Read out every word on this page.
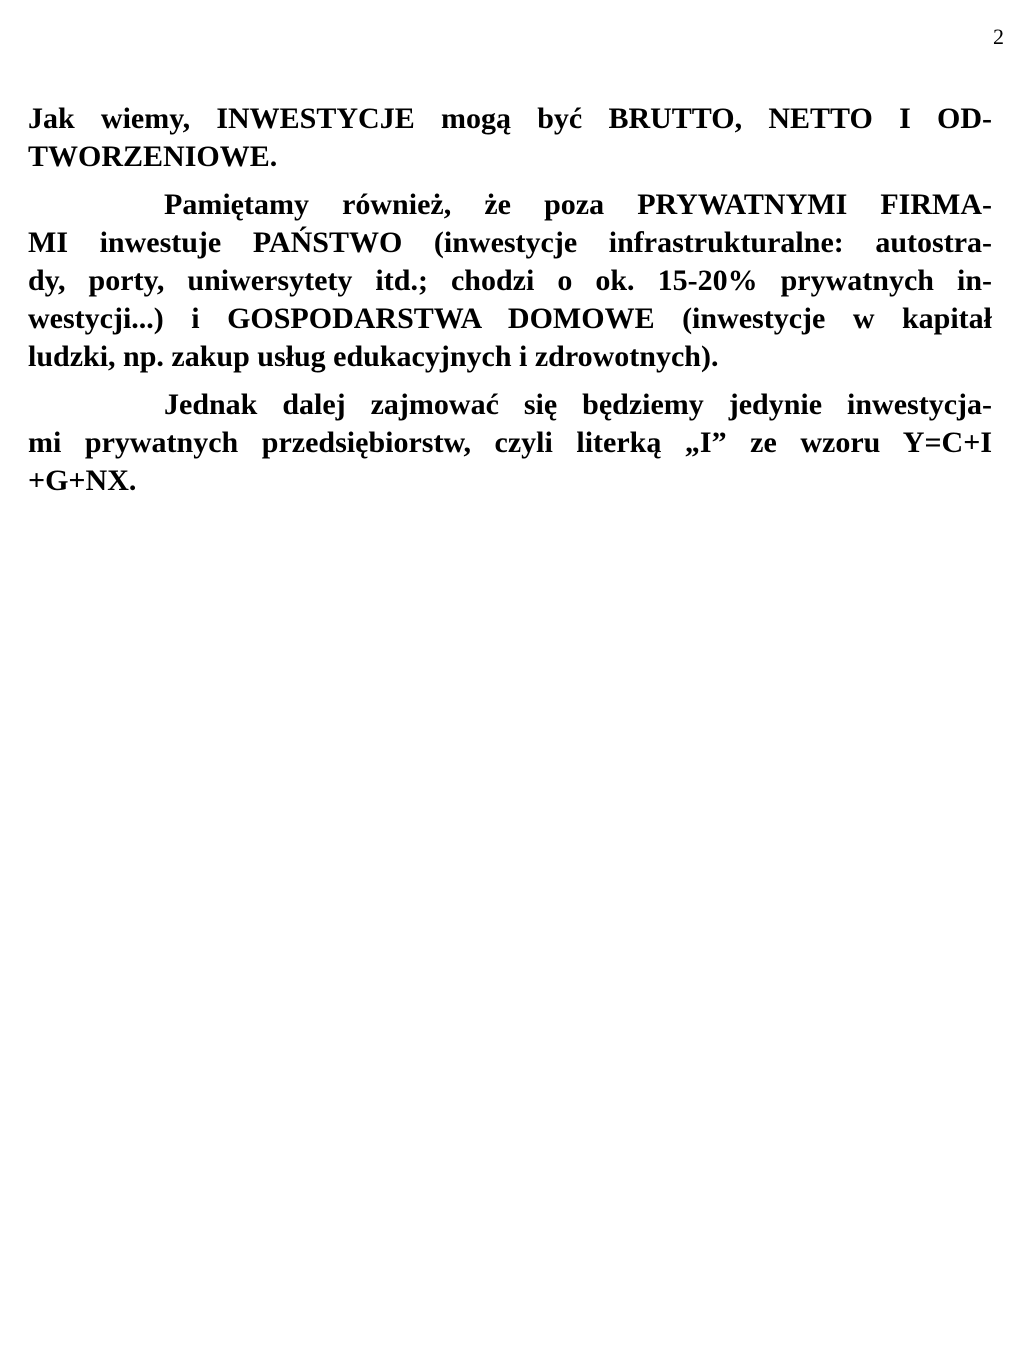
2

Jak wiemy, INWESTYCJE mogą być BRUTTO, NETTO I OD-
TWORZENIOWE.

Pamiętamy również, że poza PRYWATNYMI FIRMA-
MI inwestuje PAŃSTWO (inwestycje infrastrukturalne: autostra-
dy, porty, uniwersytety itd.; chodzi o ok. 15-20% prywatnych in-
westycji...) i GOSPODARSTWA DOMOWE (inwestycje w kapitał
ludzki, np. zakup usług edukacyjnych i zdrowotnych).

Jednak dalej zajmować się będziemy jedynie inwestycja-
mi prywatnych przedsiębiorstw, czyli literką „I” ze wzoru Y=C+I
+G+NX.
